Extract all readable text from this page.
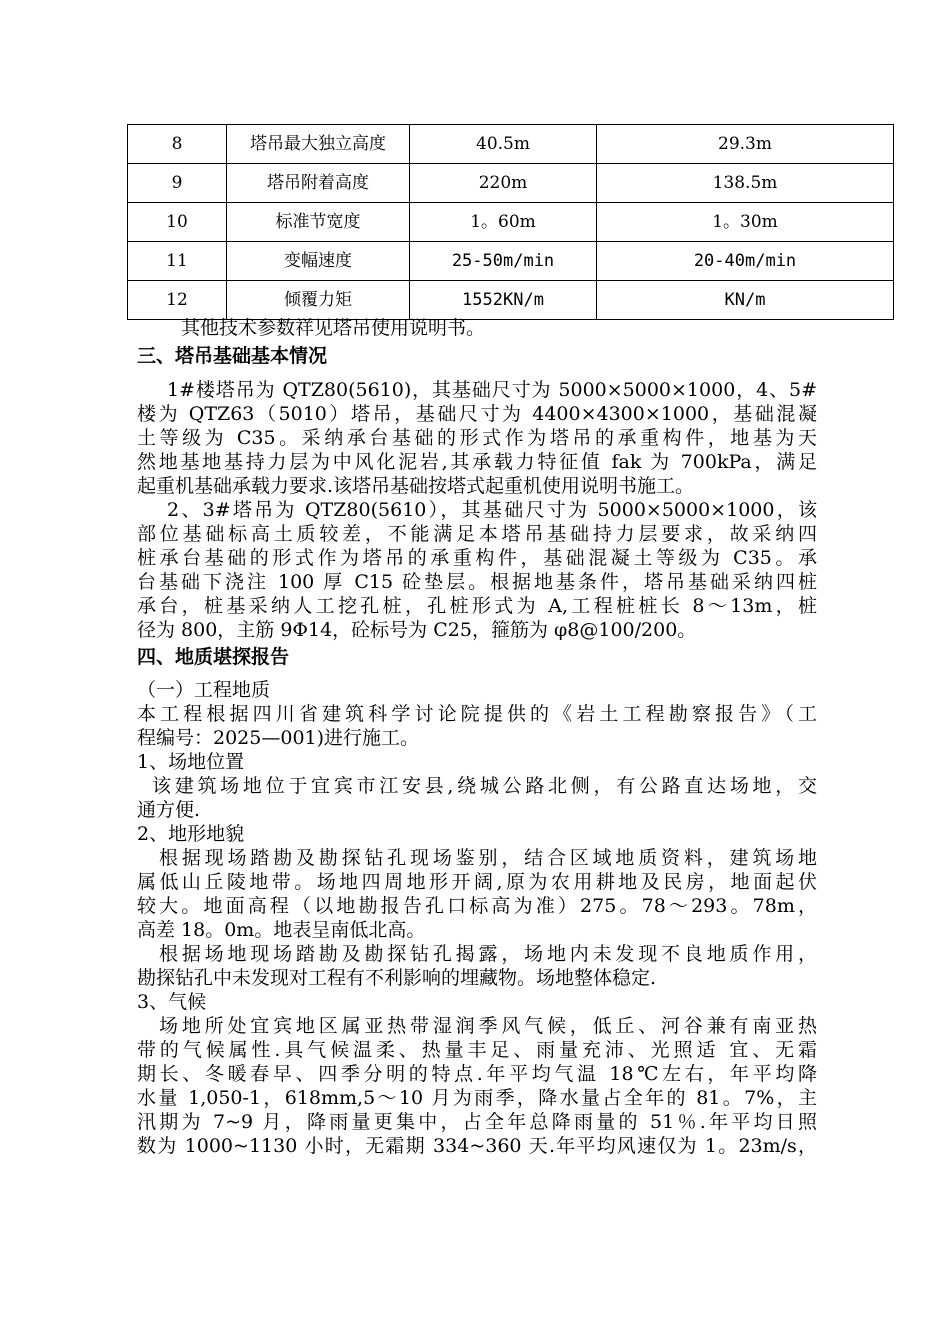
8	塔吊最大独立高度	40.5m	29.3m
9	塔吊附着高度	220m	138.5m
10	标准节宽度	1。60m	1。30m
11	变幅速度	25-50m/min	20-40m/min
12	倾覆力矩	1552KN/m	KN/m
其他技术参数祥见塔吊使用说明书。
三、塔吊基础基本情况
1#楼塔吊为 QTZ80(5610)，其基础尺寸为 5000×5000×1000，4、5#
楼为 QTZ63（5010）塔吊，基础尺寸为 4400×4300×1000，基础混凝
土等级为 C35。采纳承台基础的形式作为塔吊的承重构件，地基为天
然地基地基持力层为中风化泥岩,其承载力特征值 fak 为 700kPa，满足
起重机基础承载力要求.该塔吊基础按塔式起重机使用说明书施工。
2、3#塔吊为 QTZ80(5610），其基础尺寸为 5000×5000×1000，该
部位基础标高土质较差，不能满足本塔吊基础持力层要求，故采纳四
桩承台基础的形式作为塔吊的承重构件，基础混凝土等级为 C35。承
台基础下浇注 100 厚 C15 砼垫层。根据地基条件，塔吊基础采纳四桩
承台，桩基采纳人工挖孔桩，孔桩形式为 A,工程桩桩长 8～13m，桩
径为 800，主筋 9Φ14，砼标号为 C25，箍筋为 φ8@100/200。
四、地质堪探报告
（一）工程地质
本工程根据四川省建筑科学讨论院提供的《岩土工程勘察报告》（工
程编号：2025—001)进行施工。
1、场地位置
该建筑场地位于宜宾市江安县,绕城公路北侧，有公路直达场地，交
通方便.
2、地形地貌
根据现场踏勘及勘探钻孔现场鉴别，结合区域地质资料，建筑场地
属低山丘陵地带。场地四周地形开阔,原为农用耕地及民房，地面起伏
较大。地面高程（以地勘报告孔口标高为准）275。78～293。78m，
高差 18。0m。地表呈南低北高。
根据场地现场踏勘及勘探钻孔揭露，场地内未发现不良地质作用，
勘探钻孔中未发现对工程有不利影响的埋藏物。场地整体稳定.
3、气候
场地所处宜宾地区属亚热带湿润季风气候，低丘、河谷兼有南亚热
带的气候属性.具气候温柔、热量丰足、雨量充沛、光照适 宜、无霜
期长、冬暖春早、四季分明的特点.年平均气温 18℃左右，年平均降
水量 1,050-1，618mm,5～10 月为雨季，降水量占全年的 81。7%，主
汛期为 7~9 月，降雨量更集中，占全年总降雨量的 51％.年平均日照
数为 1000~1130 小时，无霜期 334~360 天.年平均风速仅为 1。23m/s，
